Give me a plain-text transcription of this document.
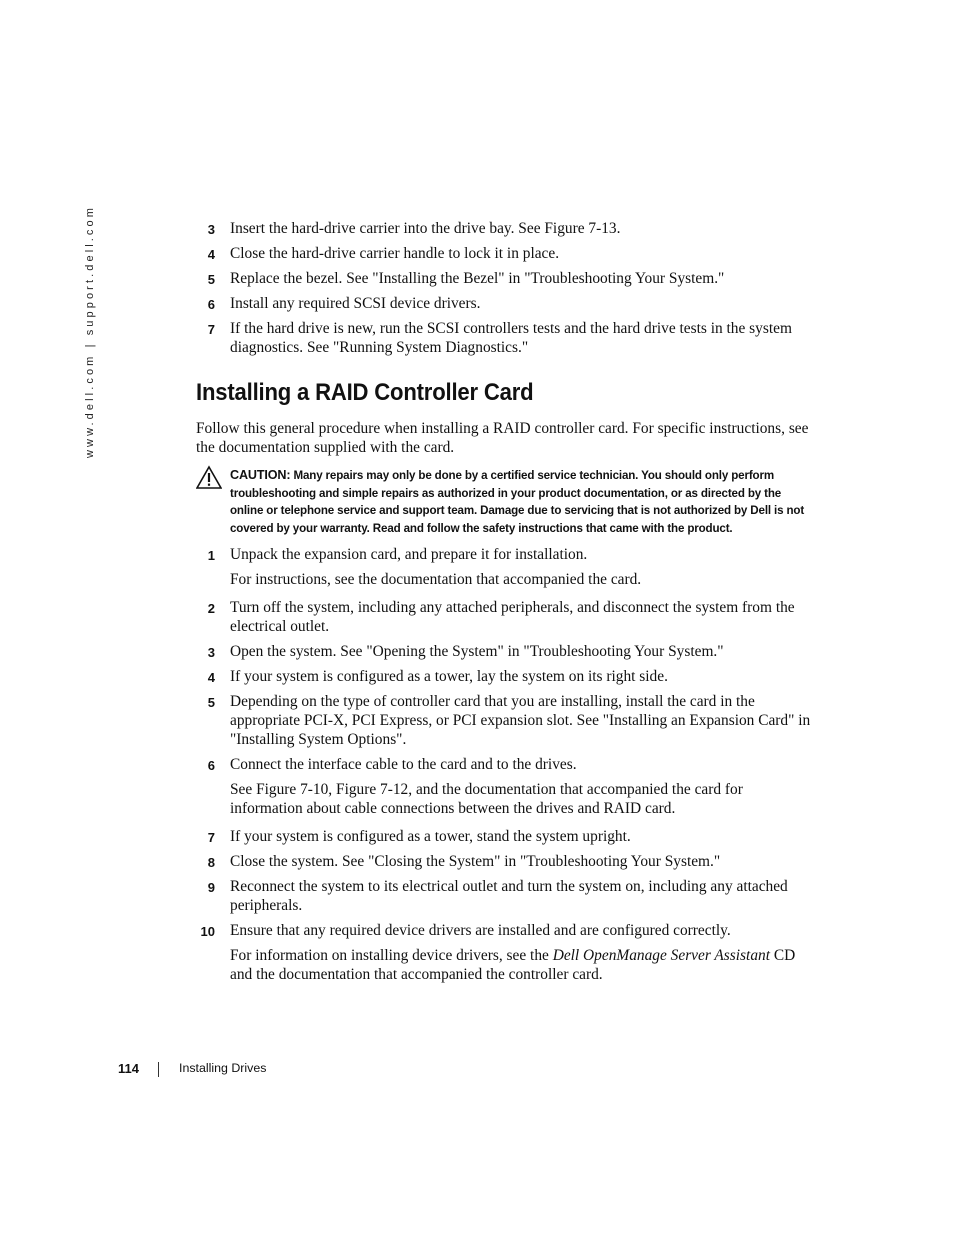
www.dell.com | support.dell.com	3 Insert the hard-drive carrier into the drive bay. See Figure 7-13.
4 Close the hard-drive carrier handle to lock it in place.
5 Replace the bezel. See "Installing the Bezel" in "Troubleshooting Your System."
6 Install any required SCSI device drivers.
7 If the hard drive is new, run the SCSI controllers tests and the hard drive tests in the system diagnostics. See "Running System Diagnostics."
Installing a RAID Controller Card
Follow this general procedure when installing a RAID controller card. For specific instructions, see the documentation supplied with the card.
CAUTION: Many repairs may only be done by a certified service technician. You should only perform troubleshooting and simple repairs as authorized in your product documentation, or as directed by the online or telephone service and support team. Damage due to servicing that is not authorized by Dell is not covered by your warranty. Read and follow the safety instructions that came with the product.
1 Unpack the expansion card, and prepare it for installation.
For instructions, see the documentation that accompanied the card.
2 Turn off the system, including any attached peripherals, and disconnect the system from the electrical outlet.
3 Open the system. See "Opening the System" in "Troubleshooting Your System."
4 If your system is configured as a tower, lay the system on its right side.
5 Depending on the type of controller card that you are installing, install the card in the appropriate PCI-X, PCI Express, or PCI expansion slot. See "Installing an Expansion Card" in "Installing System Options".
6 Connect the interface cable to the card and to the drives.
See Figure 7-10, Figure 7-12, and the documentation that accompanied the card for information about cable connections between the drives and RAID card.
7 If your system is configured as a tower, stand the system upright.
8 Close the system. See "Closing the System" in "Troubleshooting Your System."
9 Reconnect the system to its electrical outlet and turn the system on, including any attached peripherals.
10 Ensure that any required device drivers are installed and are configured correctly.
For information on installing device drivers, see the Dell OpenManage Server Assistant CD and the documentation that accompanied the controller card.
114	Installing Drives
